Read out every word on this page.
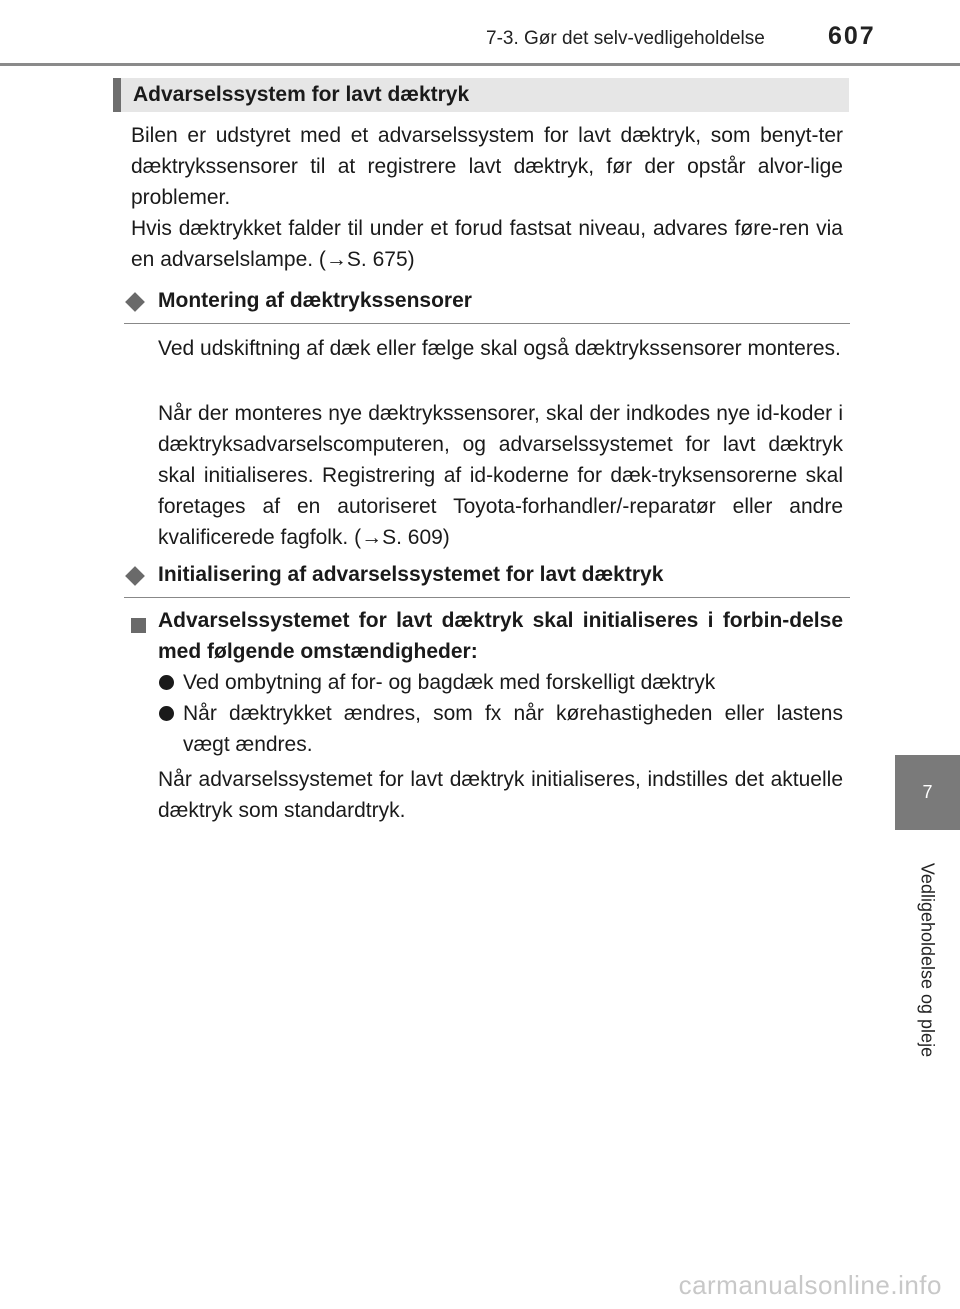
7-3. Gør det selv-vedligeholdelse	607
7
Vedligeholdelse og pleje
Advarselssystem for lavt dæktryk
Bilen er udstyret med et advarselssystem for lavt dæktryk, som benyt-ter dæktrykssensorer til at registrere lavt dæktryk, før der opstår alvor-lige problemer.
Hvis dæktrykket falder til under et forud fastsat niveau, advares føre-ren via en advarselslampe. (→S. 675)
Montering af dæktrykssensorer
Ved udskiftning af dæk eller fælge skal også dæktrykssensorer monteres.
Når der monteres nye dæktrykssensorer, skal der indkodes nye id-koder i dæktryksadvarselscomputeren, og advarselssystemet for lavt dæktryk skal initialiseres. Registrering af id-koderne for dæk-tryksensorerne skal foretages af en autoriseret Toyota-forhandler/-reparatør eller andre kvalificerede fagfolk. (→S. 609)
Initialisering af advarselssystemet for lavt dæktryk
Advarselssystemet for lavt dæktryk skal initialiseres i forbin-delse med følgende omstændigheder:
Ved ombytning af for- og bagdæk med forskelligt dæktryk
Når dæktrykket ændres, som fx når kørehastigheden eller lastens vægt ændres.
Når advarselssystemet for lavt dæktryk initialiseres, indstilles det aktuelle dæktryk som standardtryk.
carmanualsonline.info
